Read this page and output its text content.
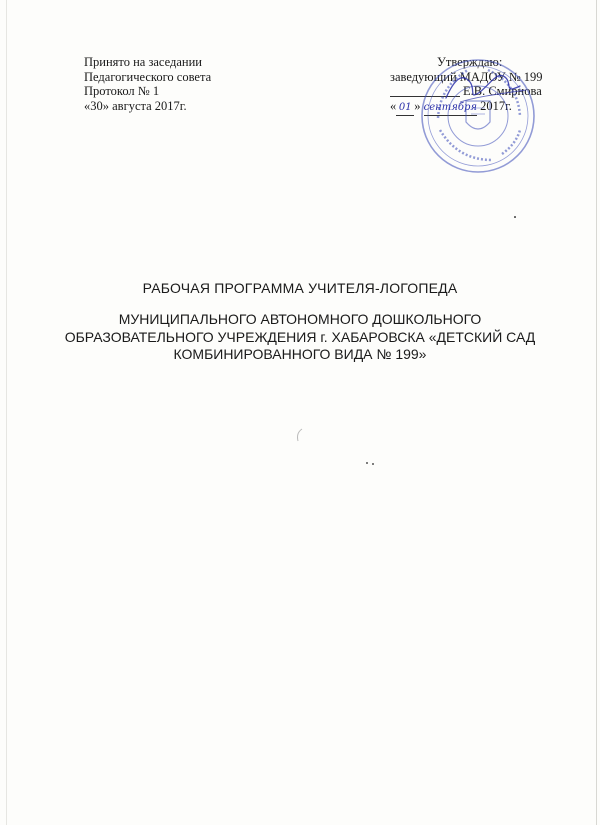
Принято на заседании
Педагогического совета
Протокол № 1
«30» августа 2017г.
Утверждаю:
заведующий МАДОУ № 199
Е.В. Смирнова
« 01 » сентября 2017г.
РАБОЧАЯ ПРОГРАММА УЧИТЕЛЯ-ЛОГОПЕДА
МУНИЦИПАЛЬНОГО АВТОНОМНОГО ДОШКОЛЬНОГО
ОБРАЗОВАТЕЛЬНОГО УЧРЕЖДЕНИЯ г. ХАБАРОВСКА «ДЕТСКИЙ САД
КОМБИНИРОВАННОГО ВИДА № 199»
